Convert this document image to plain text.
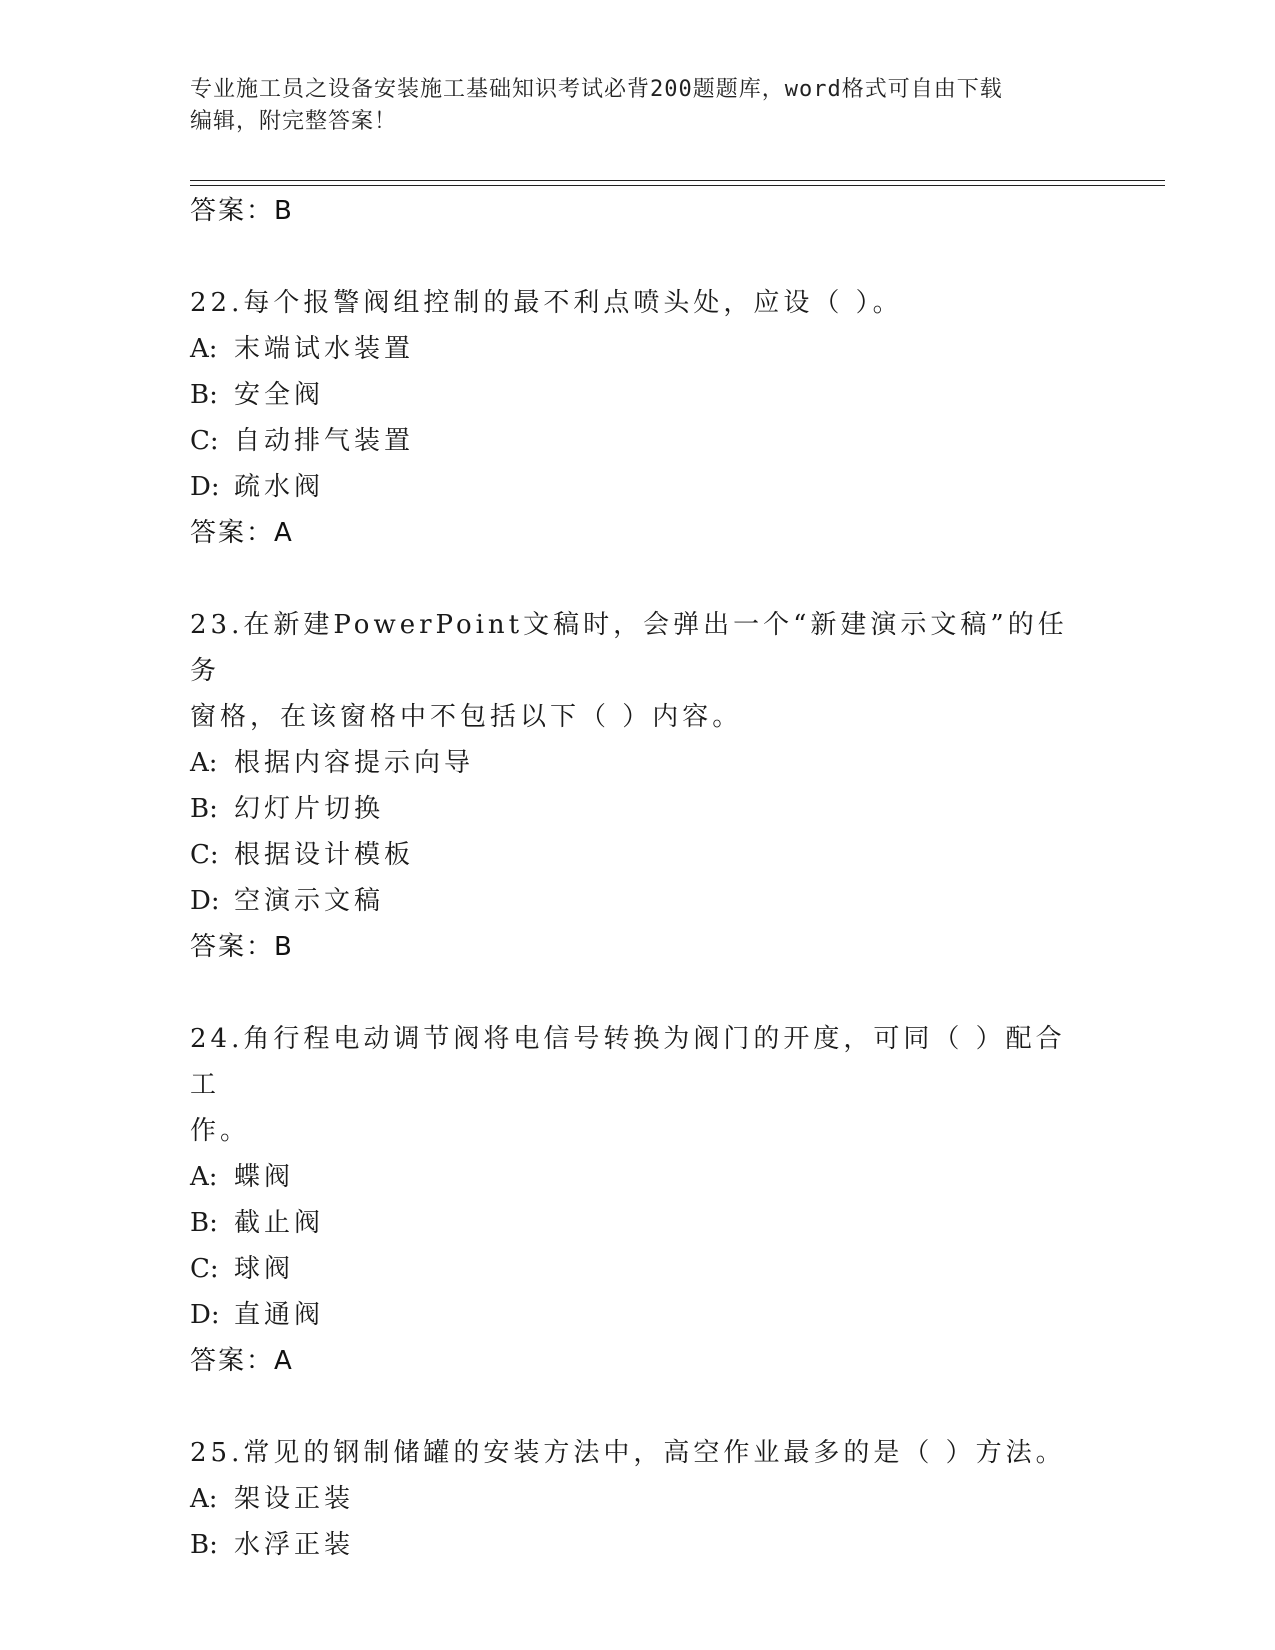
专业施工员之设备安装施工基础知识考试必背200题题库，word格式可自由下载
编辑，附完整答案！
答案：B
22.每个报警阀组控制的最不利点喷头处，应设（ ）。
A: 末端试水装置
B: 安全阀
C: 自动排气装置
D: 疏水阀
答案：A
23.在新建PowerPoint文稿时，会弹出一个“新建演示文稿”的任务
窗格，在该窗格中不包括以下（ ）内容。
A: 根据内容提示向导
B: 幻灯片切换
C: 根据设计模板
D: 空演示文稿
答案：B
24.角行程电动调节阀将电信号转换为阀门的开度，可同（ ）配合工
作。
A: 蝶阀
B: 截止阀
C: 球阀
D: 直通阀
答案：A
25.常见的钢制储罐的安装方法中，高空作业最多的是（ ）方法。
A: 架设正装
B: 水浮正装
